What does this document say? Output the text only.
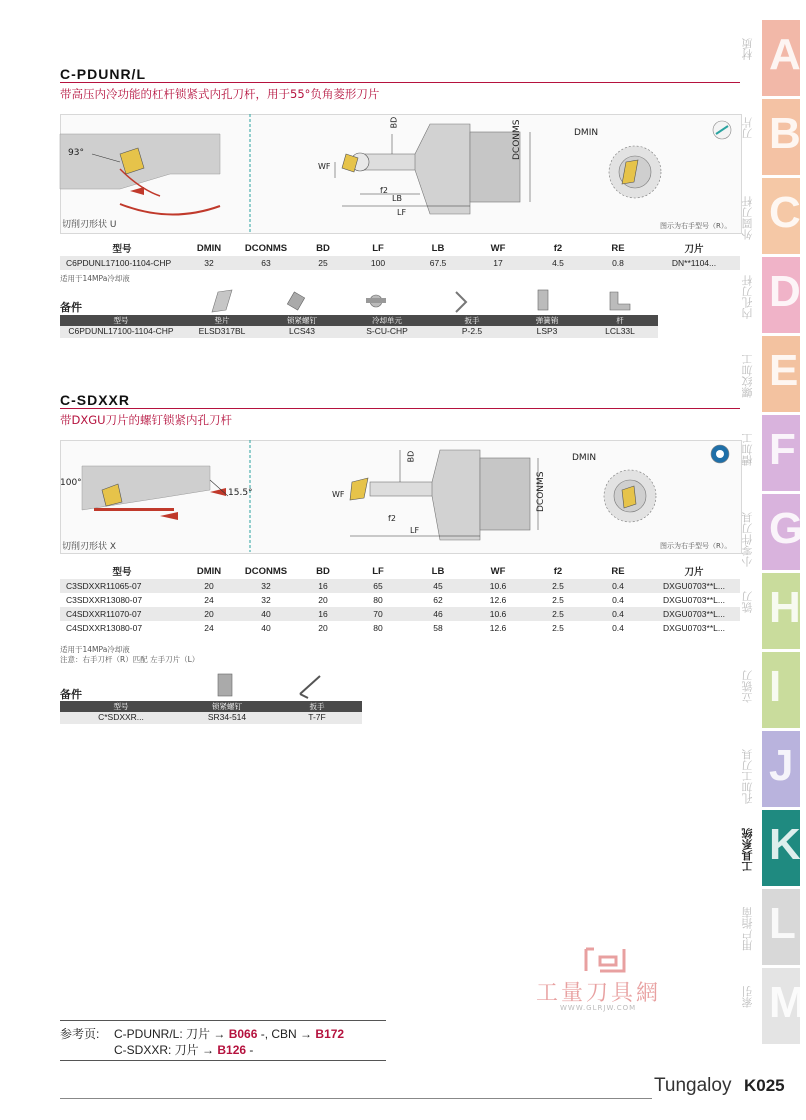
C-PDUNR/L
带高压内冷功能的杠杆锁紧式内孔刀杆，用于55°负角菱形刀片
93°
切削刃形状 U
BD	DCONMS
WF
f2
LB
LF
DMIN
图示为右手型号（R）。
型号	DMIN	DCONMS	BD	LF	LB	WF	f2	RE	刀片
C6PDUNL17100-1104-CHP	32	63	25	100	67.5	17	4.5	0.8	DN**1104...
适用于14MPa冷却液
备件
型号	垫片	锁紧螺钉	冷却单元	扳手	弹簧销	杆
C6PDUNL17100-1104-CHP	ELSD317BL	LCS43	S-CU-CHP	P-2.5	LSP3	LCL33L
C-SDXXR
带DXGU刀片的螺钉锁紧内孔刀杆
100°
15.5°
切削刃形状 X
BD
DCONMS
WF
f2
LF
DMIN
图示为右手型号（R）。
型号	DMIN	DCONMS	BD	LF	LB	WF	f2	RE	刀片
C3SDXXR11065-07	20	32	16	65	45	10.6	2.5	0.4	DXGU0703**L...
C3SDXXR13080-07	24	32	20	80	62	12.6	2.5	0.4	DXGU0703**L...
C4SDXXR11070-07	20	40	16	70	46	10.6	2.5	0.4	DXGU0703**L...
C4SDXXR13080-07	24	40	20	80	58	12.6	2.5	0.4	DXGU0703**L...
适用于14MPa冷却液
注意：右手刀杆（R）匹配 左手刀片（L）
备件
型号	锁紧螺钉	扳手
C*SDXXR...	SR34-514	T-7F
材质 A
刀片 B
外圆刀杆 C
内孔刀杆 D
螺纹加工 E
槽加工 F
小零件刀具 G
铣刀 H
立铣刀 I
孔加工刀具 J
工具系统 K
用户指南 L
索引 M
工量刀具網
WWW.GLRJW.COM
参考页: C-PDUNR/L: 刀片 → B066 -, CBN → B172
C-SDXXR: 刀片 → B126 -
Tungaloy K025
